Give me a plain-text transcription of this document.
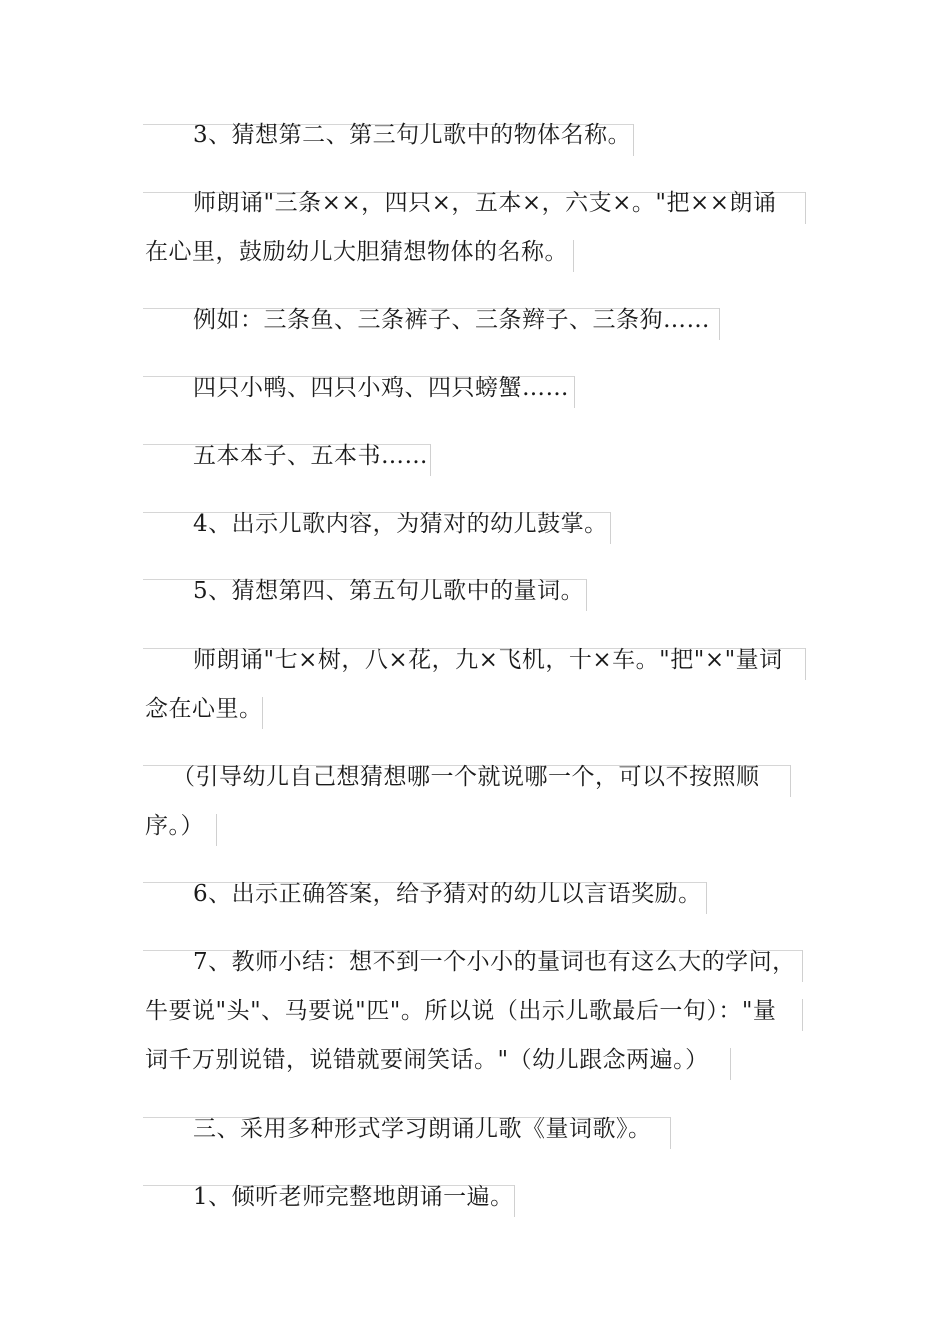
3、猜想第二、第三句儿歌中的物体名称。
师朗诵"三条××，四只×，五本×，六支×。"把××朗诵
在心里，鼓励幼儿大胆猜想物体的名称。
例如：三条鱼、三条裤子、三条辫子、三条狗……
四只小鸭、四只小鸡、四只螃蟹……
五本本子、五本书……
4、出示儿歌内容，为猜对的幼儿鼓掌。
5、猜想第四、第五句儿歌中的量词。
师朗诵"七×树，八×花，九×飞机，十×车。"把"×"量词
念在心里。
（引导幼儿自己想猜想哪一个就说哪一个，可以不按照顺
序。）
6、出示正确答案，给予猜对的幼儿以言语奖励。
7、教师小结：想不到一个小小的量词也有这么大的学问，
牛要说"头"、马要说"匹"。所以说（出示儿歌最后一句）："量
词千万别说错，说错就要闹笑话。"（幼儿跟念两遍。）
三、采用多种形式学习朗诵儿歌《量词歌》。
1、倾听老师完整地朗诵一遍。
